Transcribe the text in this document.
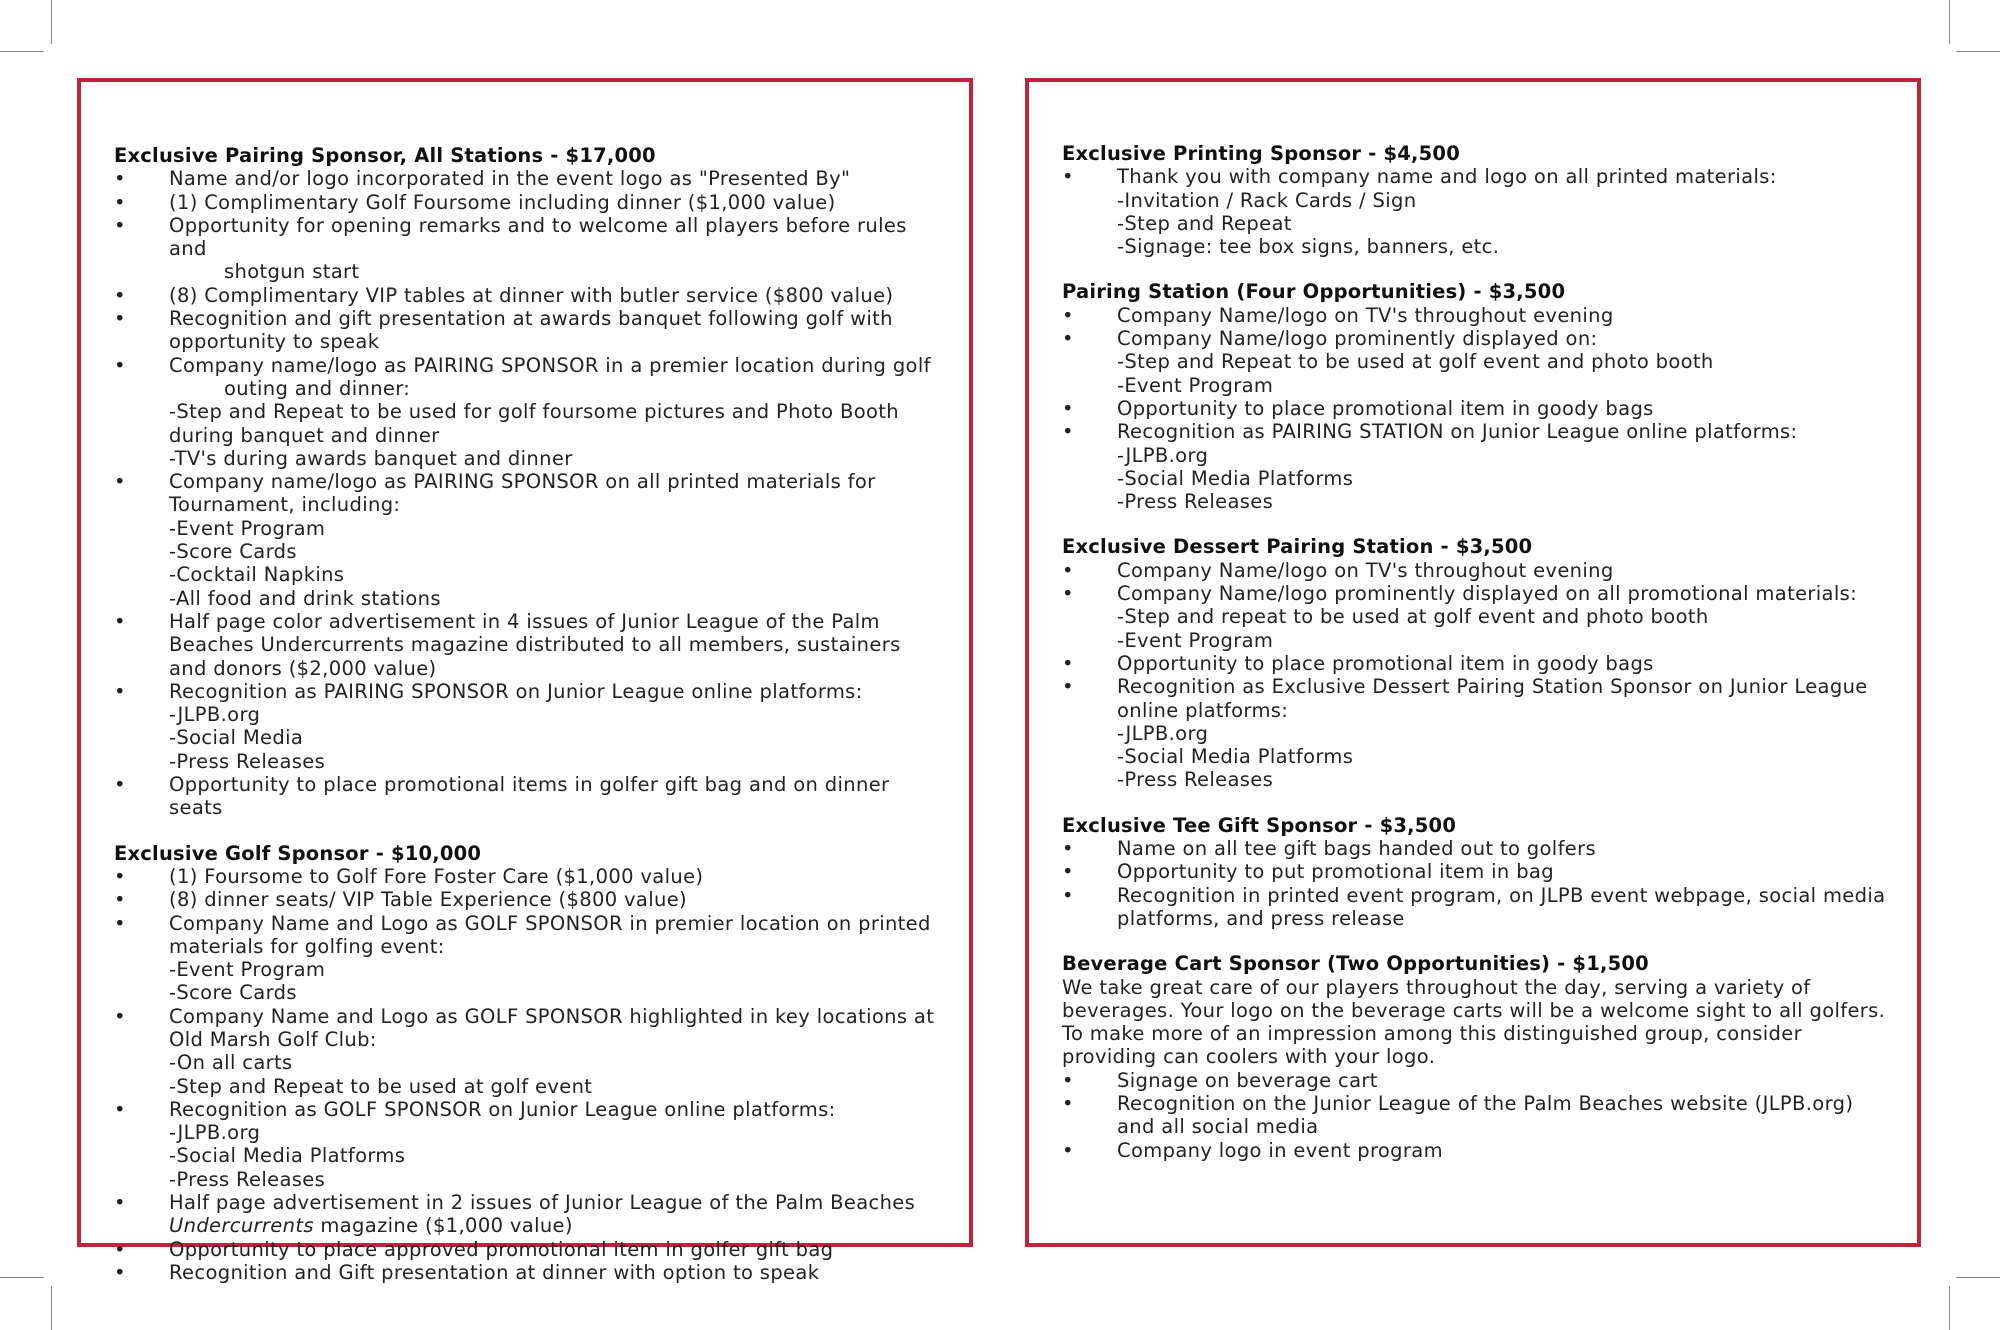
Exclusive Pairing Sponsor, All Stations - $17,000
•	Name and/or logo incorporated in the event logo as "Presented By"
•	(1) Complimentary Golf Foursome including dinner ($1,000 value)
•	Opportunity for opening remarks and to welcome all players before rules and
shotgun start
•	(8) Complimentary VIP tables at dinner with butler service ($800 value)
•	Recognition and gift presentation at awards banquet following golf with opportunity to speak
•	Company name/logo as PAIRING SPONSOR in a premier location during golf
outing and dinner:
-Step and Repeat to be used for golf foursome pictures and Photo Booth during banquet and dinner
-TV's during awards banquet and dinner
•	Company name/logo as PAIRING SPONSOR on all printed materials for Tournament, including:
-Event Program
-Score Cards
-Cocktail Napkins
-All food and drink stations
•	Half page color advertisement in 4 issues of Junior League of the Palm Beaches Undercurrents magazine distributed to all members, sustainers and donors ($2,000 value)
•	Recognition as PAIRING SPONSOR on Junior League online platforms:
-JLPB.org
-Social Media
-Press Releases
•	Opportunity to place promotional items in golfer gift bag and on dinner seats
Exclusive Golf Sponsor - $10,000
•	(1) Foursome to Golf Fore Foster Care ($1,000 value)
•	(8) dinner seats/ VIP Table Experience ($800 value)
•	Company Name and Logo as GOLF SPONSOR in premier location on printed materials for golfing event:
-Event Program
-Score Cards
•	Company Name and Logo as GOLF SPONSOR highlighted in key locations at Old Marsh Golf Club:
-On all carts
-Step and Repeat to be used at golf event
•	Recognition as GOLF SPONSOR on Junior League online platforms:
-JLPB.org
-Social Media Platforms
-Press Releases
•	Half page advertisement in 2 issues of Junior League of the Palm Beaches
Undercurrents magazine ($1,000 value)
•	Opportunity to place approved promotional item in golfer gift bag
•	Recognition and Gift presentation at dinner with option to speak
Exclusive Printing Sponsor - $4,500
•	Thank you with company name and logo on all printed materials:
-Invitation / Rack Cards / Sign
-Step and Repeat
-Signage: tee box signs, banners, etc.
Pairing Station (Four Opportunities) - $3,500
•	Company Name/logo on TV's throughout evening
•	Company Name/logo prominently displayed on:
-Step and Repeat to be used at golf event and photo booth
-Event Program
•	Opportunity to place promotional item in goody bags
•	Recognition as PAIRING STATION on Junior League online platforms:
-JLPB.org
-Social Media Platforms
-Press Releases
Exclusive Dessert Pairing Station - $3,500
•	Company Name/logo on TV's throughout evening
•	Company Name/logo prominently displayed on all promotional materials:
-Step and repeat to be used at golf event and photo booth
-Event Program
•	Opportunity to place promotional item in goody bags
•	Recognition as Exclusive Dessert Pairing Station Sponsor on Junior League online platforms:
-JLPB.org
-Social Media Platforms
-Press Releases
Exclusive Tee Gift Sponsor - $3,500
•	Name on all tee gift bags handed out to golfers
•	Opportunity to put promotional item in bag
•	Recognition in printed event program, on JLPB event webpage, social media platforms, and press release
Beverage Cart Sponsor (Two Opportunities) - $1,500
We take great care of our players throughout the day, serving a variety of beverages. Your logo on the beverage carts will be a welcome sight to all golfers. To make more of an impression among this distinguished group, consider providing can coolers with your logo.
•	Signage on beverage cart
•	Recognition on the Junior League of the Palm Beaches website (JLPB.org) and all social media
•	Company logo in event program
